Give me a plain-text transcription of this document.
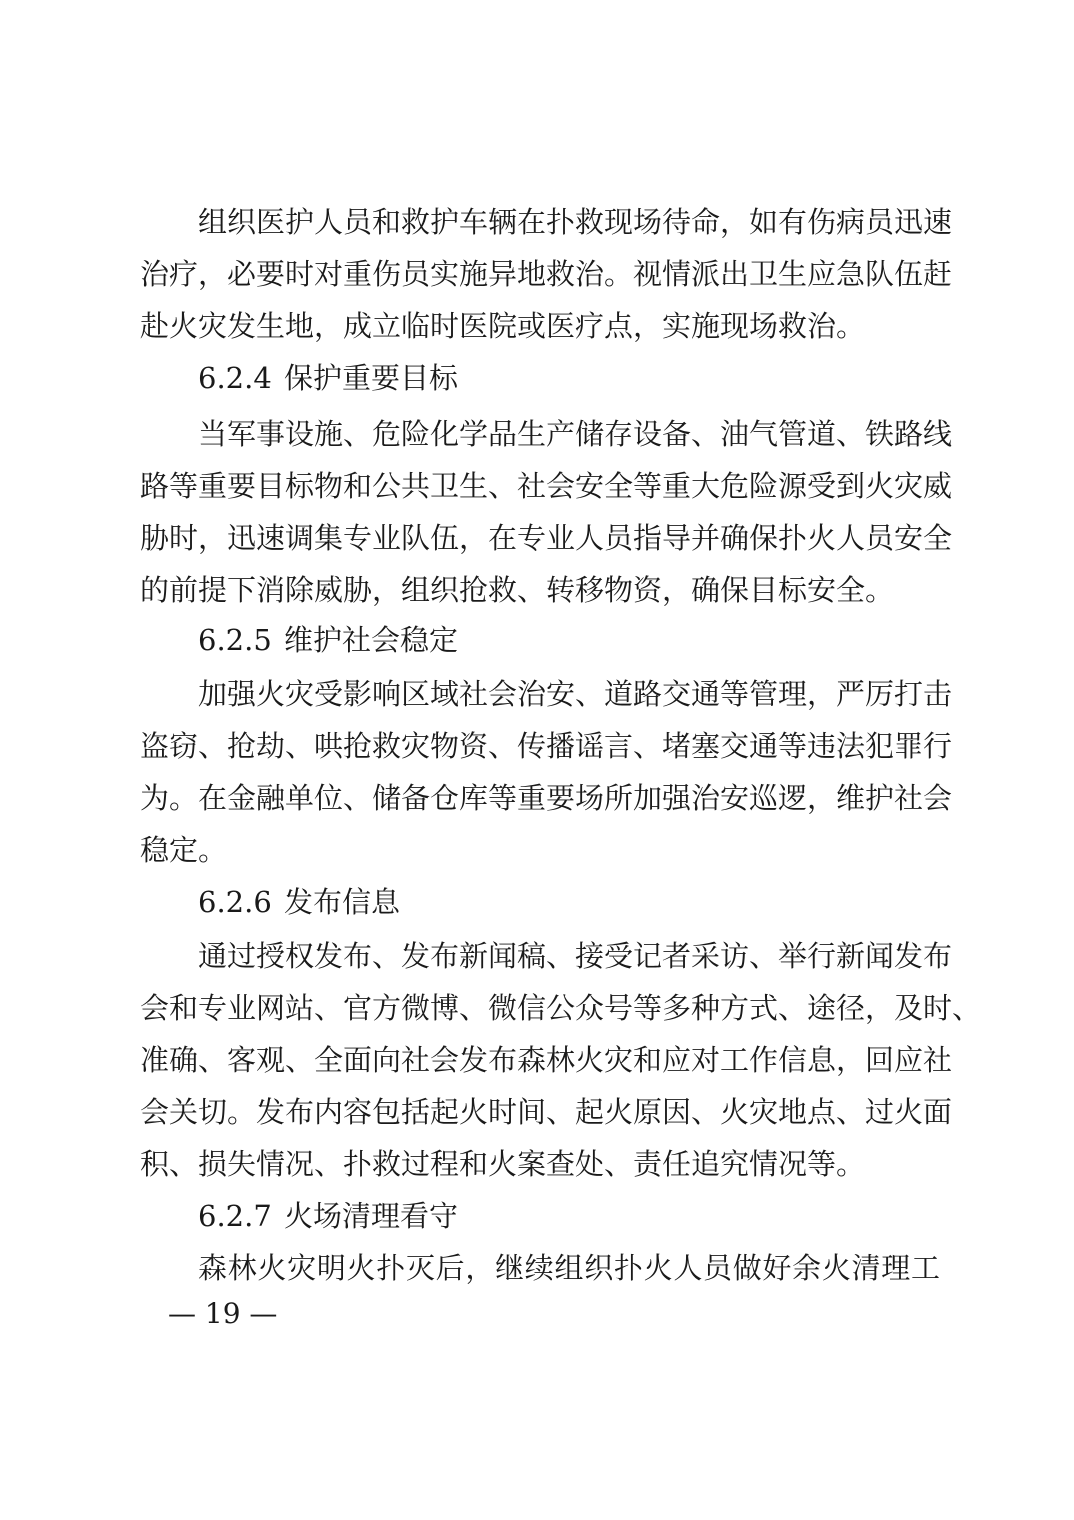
组织医护人员和救护车辆在扑救现场待命，如有伤病员迅速
治疗，必要时对重伤员实施异地救治。视情派出卫生应急队伍赶
赴火灾发生地，成立临时医院或医疗点，实施现场救治。
6.2.4 保护重要目标
当军事设施、危险化学品生产储存设备、油气管道、铁路线
路等重要目标物和公共卫生、社会安全等重大危险源受到火灾威
胁时，迅速调集专业队伍，在专业人员指导并确保扑火人员安全
的前提下消除威胁，组织抢救、转移物资，确保目标安全。
6.2.5 维护社会稳定
加强火灾受影响区域社会治安、道路交通等管理，严厉打击
盗窃、抢劫、哄抢救灾物资、传播谣言、堵塞交通等违法犯罪行
为。在金融单位、储备仓库等重要场所加强治安巡逻，维护社会
稳定。
6.2.6 发布信息
通过授权发布、发布新闻稿、接受记者采访、举行新闻发布
会和专业网站、官方微博、微信公众号等多种方式、途径，及时、
准确、客观、全面向社会发布森林火灾和应对工作信息，回应社
会关切。发布内容包括起火时间、起火原因、火灾地点、过火面
积、损失情况、扑救过程和火案查处、责任追究情况等。
6.2.7 火场清理看守
森林火灾明火扑灭后，继续组织扑火人员做好余火清理工
— 19 —
